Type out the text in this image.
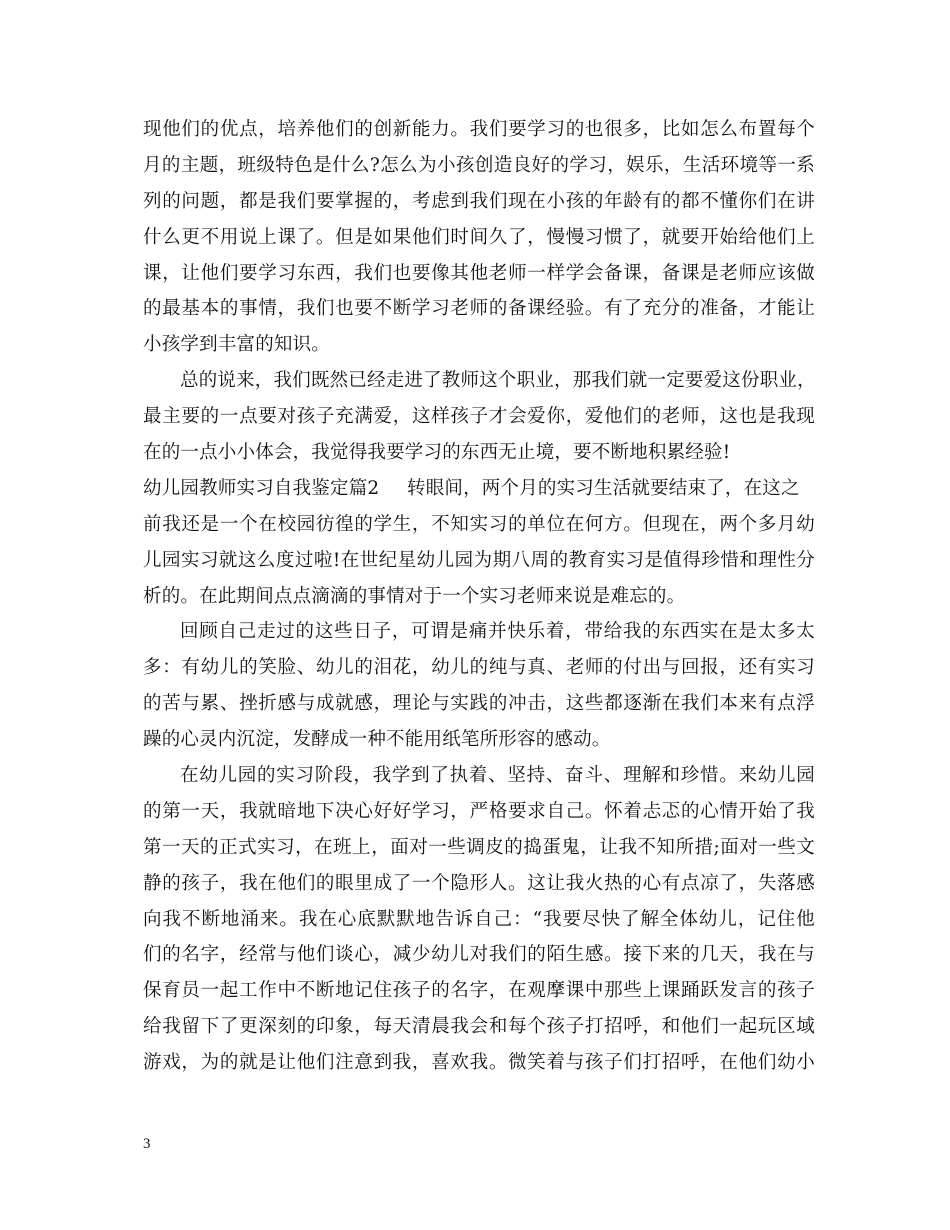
现他们的优点，培养他们的创新能力。我们要学习的也很多，比如怎么布置每个
月的主题，班级特色是什么?怎么为小孩创造良好的学习，娱乐，生活环境等一系
列的问题，都是我们要掌握的，考虑到我们现在小孩的年龄有的都不懂你们在讲
什么更不用说上课了。但是如果他们时间久了，慢慢习惯了，就要开始给他们上
课，让他们要学习东西，我们也要像其他老师一样学会备课，备课是老师应该做
的最基本的事情，我们也要不断学习老师的备课经验。有了充分的准备，才能让
小孩学到丰富的知识。
总的说来，我们既然已经走进了教师这个职业，那我们就一定要爱这份职业，
最主要的一点要对孩子充满爱，这样孩子才会爱你，爱他们的老师，这也是我现
在的一点小小体会，我觉得我要学习的东西无止境，要不断地积累经验!
幼儿园教师实习自我鉴定篇2 转眼间，两个月的实习生活就要结束了，在这之
前我还是一个在校园彷徨的学生，不知实习的单位在何方。但现在，两个多月幼
儿园实习就这么度过啦!在世纪星幼儿园为期八周的教育实习是值得珍惜和理性分
析的。在此期间点点滴滴的事情对于一个实习老师来说是难忘的。
回顾自己走过的这些日子，可谓是痛并快乐着，带给我的东西实在是太多太
多：有幼儿的笑脸、幼儿的泪花，幼儿的纯与真、老师的付出与回报，还有实习
的苦与累、挫折感与成就感，理论与实践的冲击，这些都逐渐在我们本来有点浮
躁的心灵内沉淀，发酵成一种不能用纸笔所形容的感动。
在幼儿园的实习阶段，我学到了执着、坚持、奋斗、理解和珍惜。来幼儿园
的第一天，我就暗地下决心好好学习，严格要求自己。怀着忐忑的心情开始了我
第一天的正式实习，在班上，面对一些调皮的捣蛋鬼，让我不知所措;面对一些文
静的孩子，我在他们的眼里成了一个隐形人。这让我火热的心有点凉了，失落感
向我不断地涌来。我在心底默默地告诉自己：“我要尽快了解全体幼儿，记住他
们的名字，经常与他们谈心，减少幼儿对我们的陌生感。接下来的几天，我在与
保育员一起工作中不断地记住孩子的名字，在观摩课中那些上课踊跃发言的孩子
给我留下了更深刻的印象，每天清晨我会和每个孩子打招呼，和他们一起玩区域
游戏，为的就是让他们注意到我，喜欢我。微笑着与孩子们打招呼，在他们幼小
3
